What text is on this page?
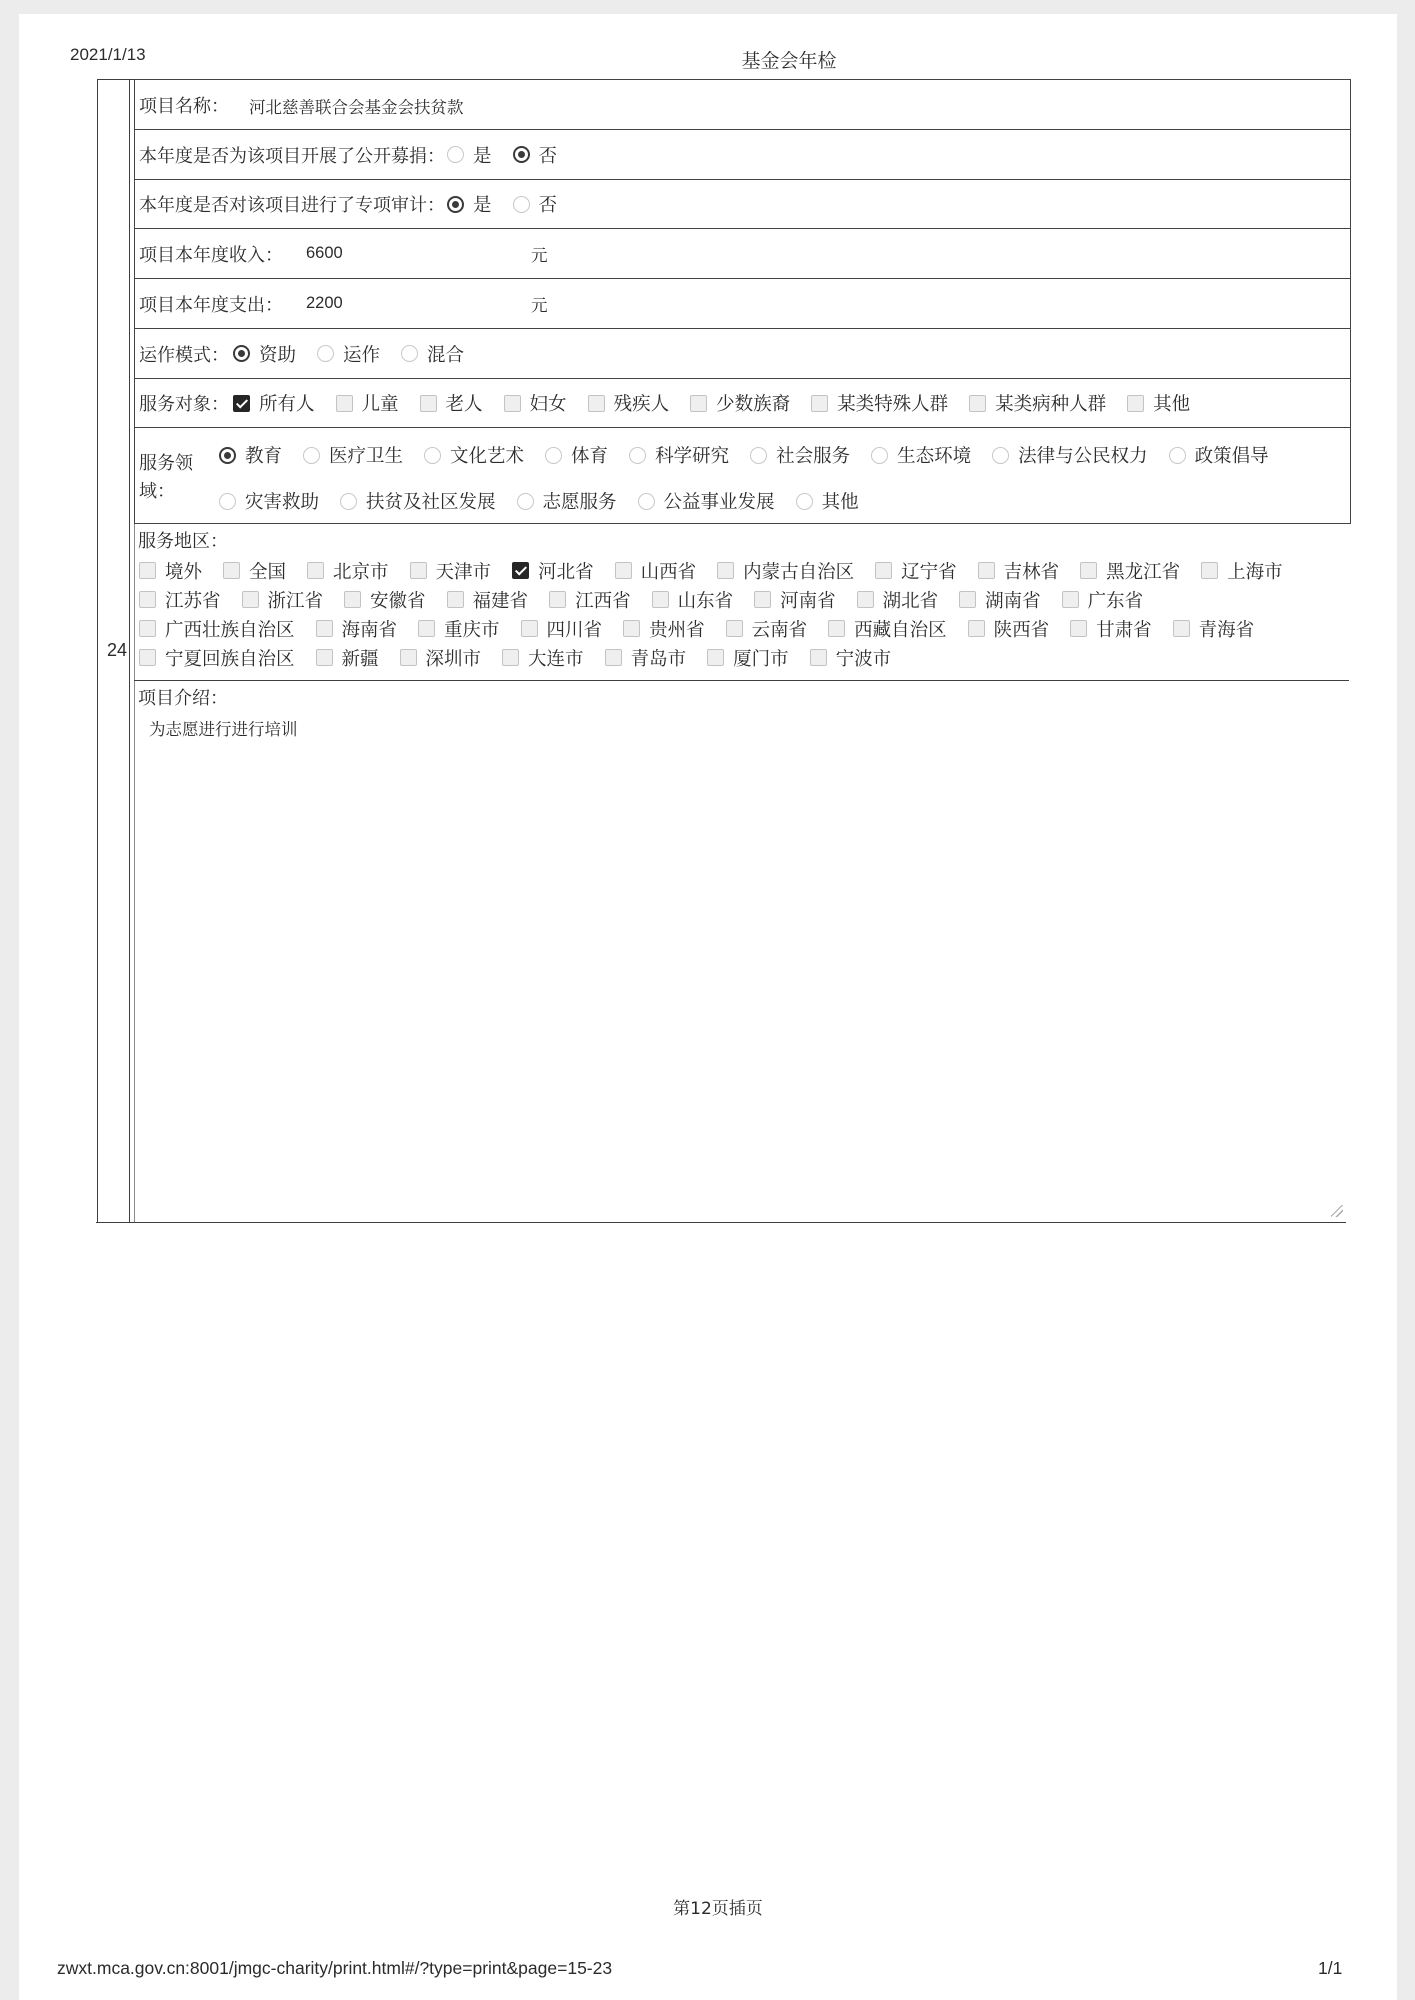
2021/1/13	基金会年检
24
项目名称：	河北慈善联合会基金会扶贫款
本年度是否为该项目开展了公开募捐： 是	否
本年度是否对该项目进行了专项审计： 是	否
项目本年度收入：	6600	元
项目本年度支出：	2200	元
运作模式： 资助	运作	混合
服务对象： 所有人	儿童	老人	妇女	残疾人	少数族裔	某类特殊人群	某类病种人群	其他
服务领域：
教育	医疗卫生	文化艺术	体育	科学研究	社会服务	生态环境	法律与公民权力	政策倡导
灾害救助	扶贫及社区发展	志愿服务	公益事业发展	其他
服务地区：
境外	全国	北京市	天津市	河北省	山西省	内蒙古自治区	辽宁省	吉林省	黑龙江省	上海市
江苏省	浙江省	安徽省	福建省	江西省	山东省	河南省	湖北省	湖南省	广东省
广西壮族自治区	海南省	重庆市	四川省	贵州省	云南省	西藏自治区	陕西省	甘肃省	青海省
宁夏回族自治区	新疆	深圳市	大连市	青岛市	厦门市	宁波市
项目介绍：
为志愿进行进行培训
第12页插页
zwxt.mca.gov.cn:8001/jmgc-charity/print.html#/?type=print&page=15-23	1/1
